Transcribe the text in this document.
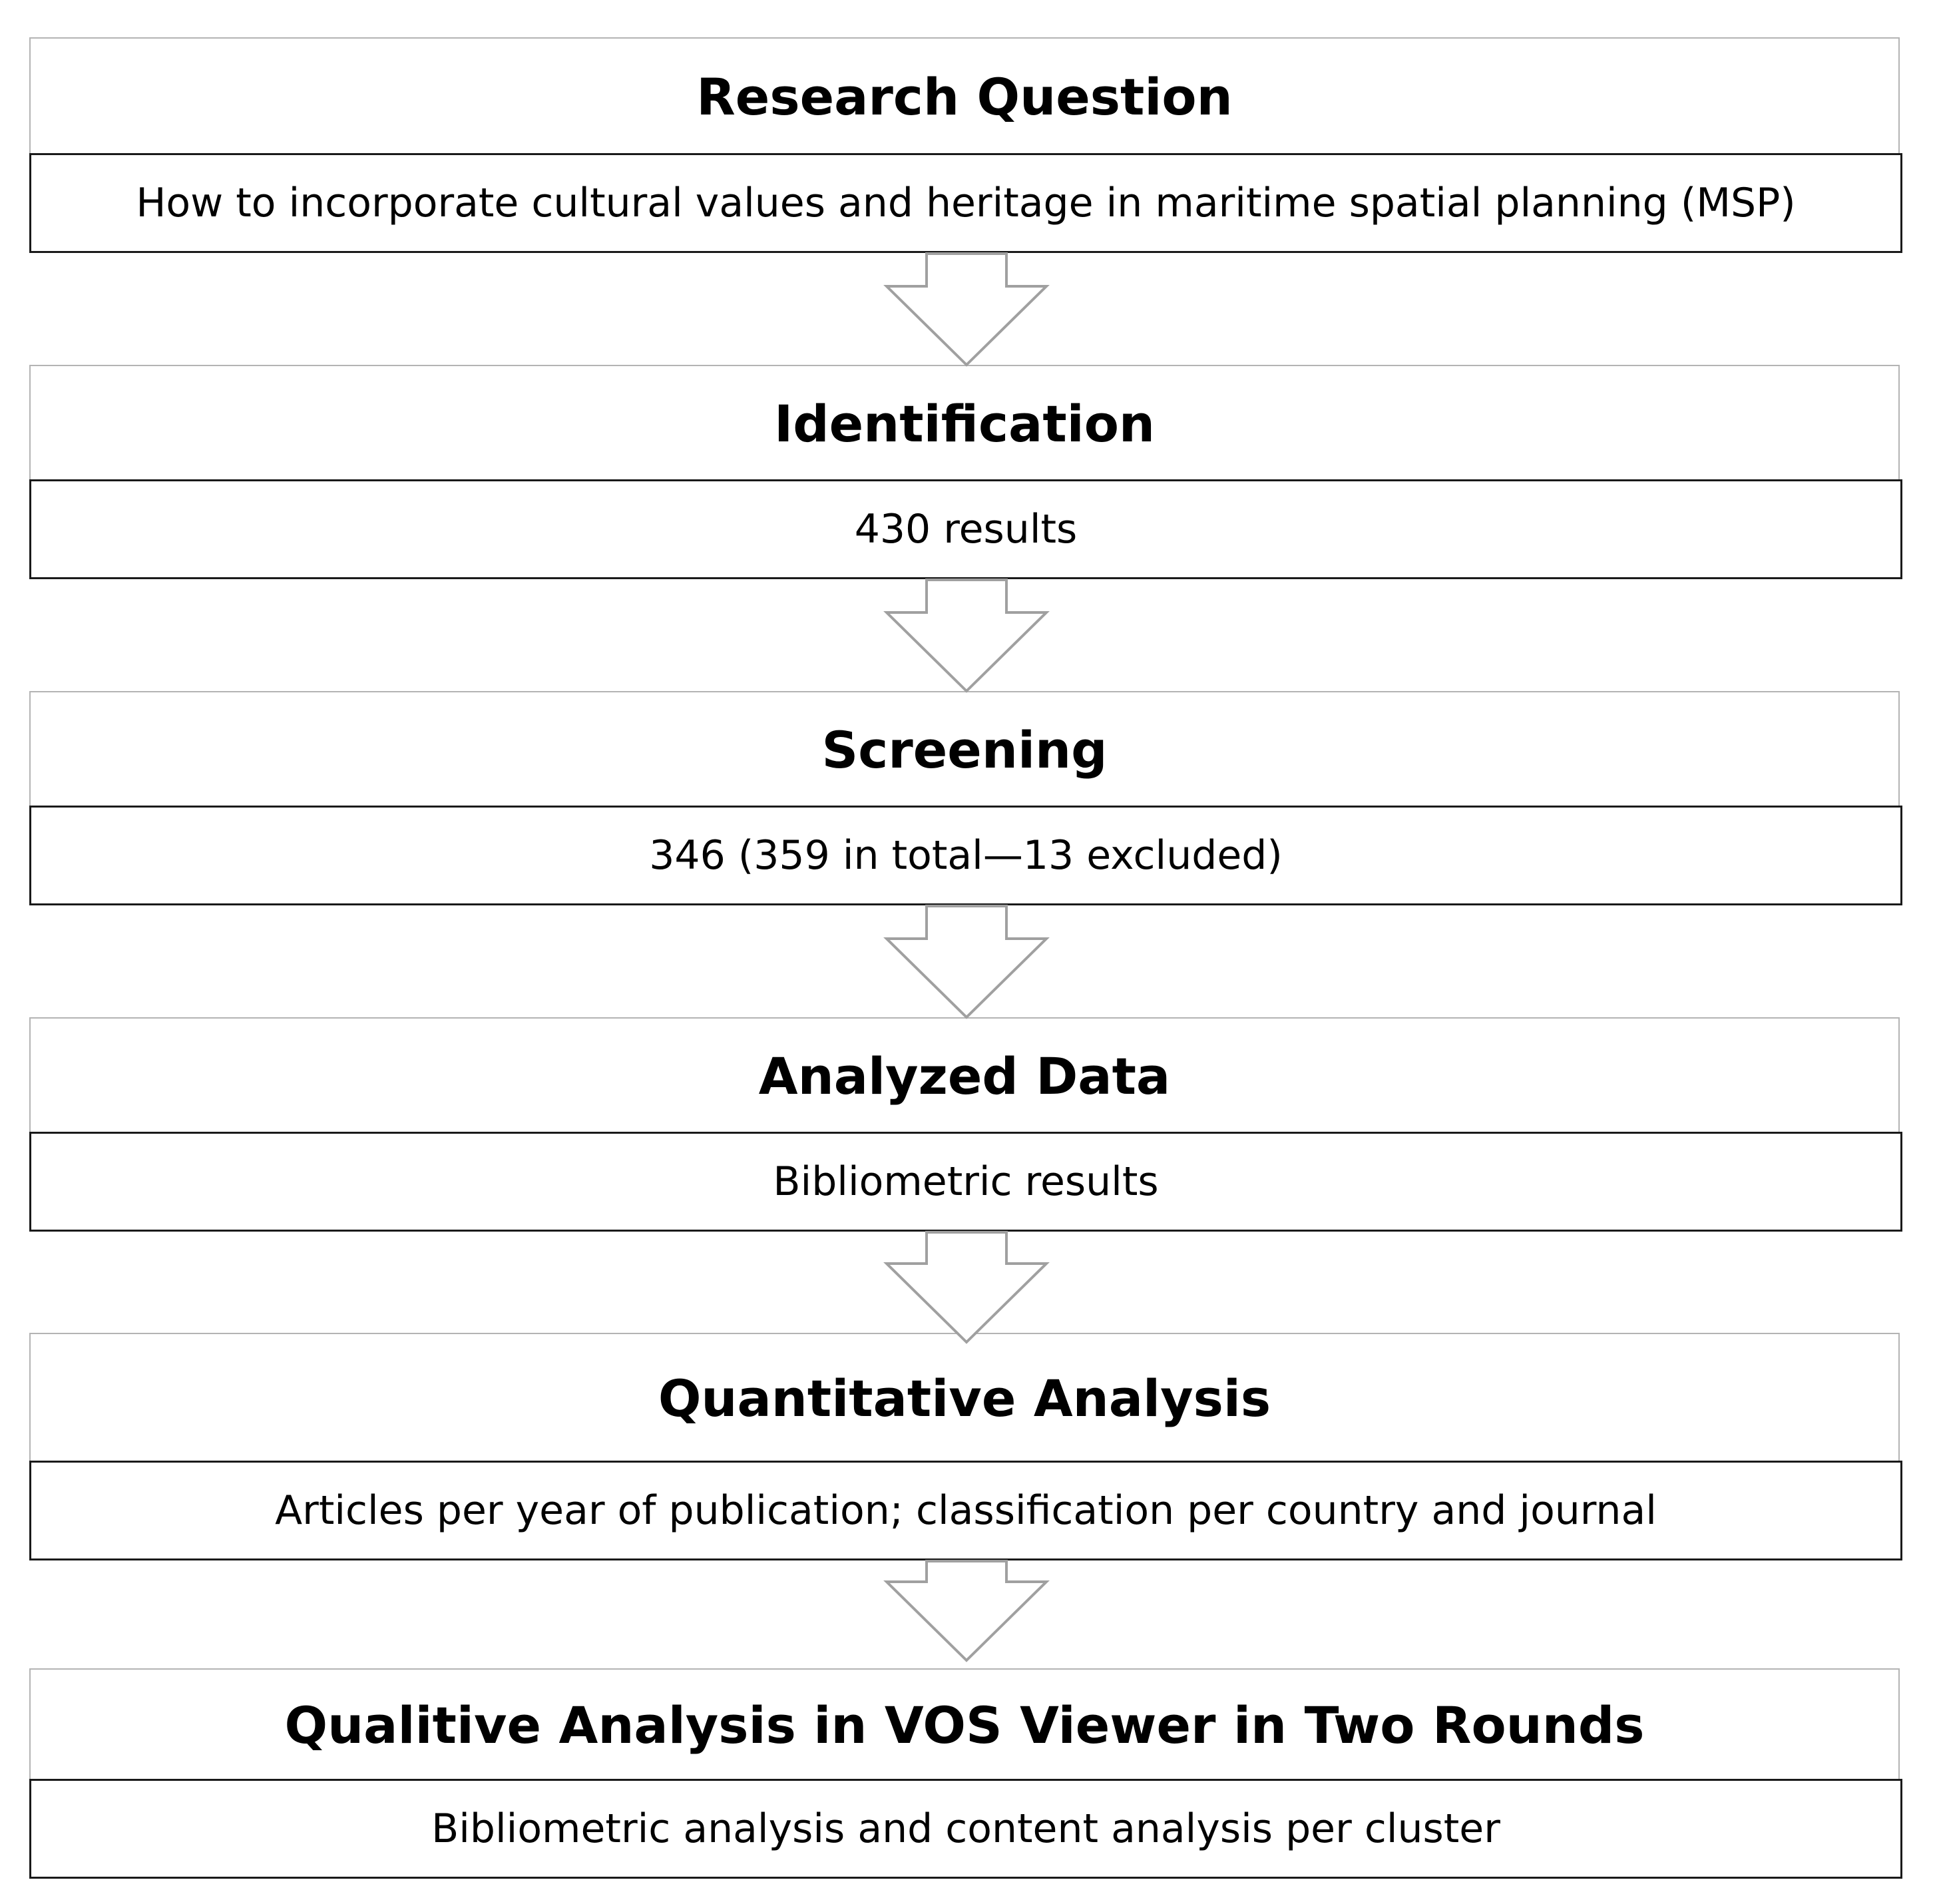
Research Question
How to incorporate cultural values and heritage in maritime spatial planning (MSP)
Identification
430 results
Screening
346 (359 in total—13 excluded)
Analyzed Data
Bibliometric results
Quantitative Analysis
Articles per year of publication; classification per country and journal
Qualitive Analysis in VOS Viewer in Two Rounds
Bibliometric analysis and content analysis per cluster
